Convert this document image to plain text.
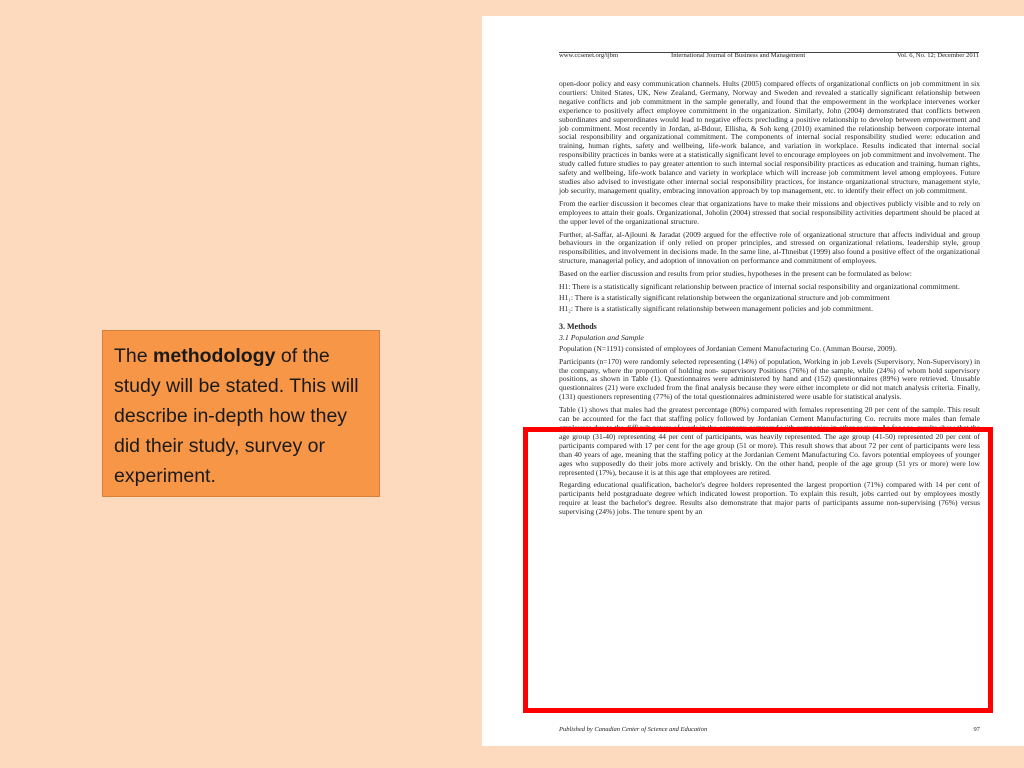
www.ccsenet.org/ijbm	International Journal of Business and Management	Vol. 6, No. 12; December 2011

open-door policy and easy communication channels. Hults (2005) compared effects of organizational conflicts on job commitment in six courtiers: United States, UK, New Zealand, Germany, Norway and Sweden and revealed a statically significant relationship between negative conflicts and job commitment in the sample generally, and found that the empowerment in the workplace intervenes worker experience to positively affect employee commitment in the organization. Similarly, John (2004) demonstrated that conflicts between subordinates and superordinates would lead to negative effects precluding a positive relationship to develop between empowerment and job commitment. Most recently in Jordan, al-Bdour, Ellisha, & Soh keng (2010) examined the relationship between corporate internal social responsibility and organizational commitment. The components of internal social responsibility studied were: education and training, human rights, safety and wellbeing, life-work balance, and variation in workplace. Results indicated that internal social responsibility practices in banks were at a statistically significant level to encourage employees on job commitment and involvement. The study called future studies to pay greater attention to such internal social responsibility practices as education and training, human rights, safety and wellbeing, life-work balance and variety in workplace which will increase job commitment level among employees. Future studies also advised to investigate other internal social responsibility practices, for instance organizational structure, management style, job security, management quality, embracing innovation approach by top management, etc. to identify their effect on job commitment.

From the earlier discussion it becomes clear that organizations have to make their missions and objectives publicly visible and to rely on employees to attain their goals. Organizational, Joholin (2004) stressed that social responsibility activities department should be placed at the upper level of the organizational structure.

Further, al-Saffar, al-Ajlouni & Jaradat (2009 argued for the effective role of organizational structure that affects individual and group behaviours in the organization if only relied on proper principles, and stressed on organizational relations, leadership style, group responsibilities, and involvement in decisions made. In the same line, al-Thneibat (1999) also found a positive effect of the organizational structure, managerial policy, and adoption of innovation on performance and commitment of employees.

Based on the earlier discussion and results from prior studies, hypotheses in the present can be formulated as below:

H1: There is a statistically significant relationship between practice of internal social responsibility and organizational commitment.

H1₁: There is a statistically significant relationship between the organizational structure and job commitment

H1₂: There is a statistically significant relationship between management policies and job commitment.

3. Methods
3.1 Population and Sample

Population (N=1191) consisted of employees of Jordanian Cement Manufacturing Co. (Amman Bourse, 2009).

Participants (n=170) were randomly selected representing (14%) of population, Working in job Levels (Supervisory, Non-Supervisory) in the company, where the proportion of holding non- supervisory Positions (76%) of the sample, while (24%) of whom hold supervisory positions, as shown in Table (1). Questionnaires were administered by hand and (152) questionnaires (89%) were retrieved. Unusable questionnaires (21) were excluded from the final analysis because they were either incomplete or did not match analysis criteria. Finally, (131) questioners representing (77%) of the total questionnaires administered were usable for statistical analysis.

Table (1) shows that males had the greatest percentage (80%) compared with females representing 20 per cent of the sample. This result can be accounted for the fact that staffing policy followed by Jordanian Cement Manufacturing Co. recruits more males than female employees due to the difficult nature of work in the company compared with companies in other sectors. As for age, results show that the age group (31-40) representing 44 per cent of participants, was heavily represented. The age group (41-50) represented 20 per cent of participants compared with 17 per cent for the age group (51 or more). This result shows that about 72 per cent of participants were less than 40 years of age, meaning that the staffing policy at the Jordanian Cement Manufacturing Co. favors potential employees of younger ages who supposedly do their jobs more actively and briskly. On the other hand, people of the age group (51 yrs or more) were low represented (17%), because it is at this age that employees are retired.

Regarding educational qualification, bachelor's degree holders represented the largest proportion (71%) compared with 14 per cent of participants held postgraduate degree which indicated lowest proportion. To explain this result, jobs carried out by employees mostly require at least the bachelor's degree. Results also demonstrate that major parts of participants assume non-supervising (76%) versus supervising (24%) jobs. The tenure spent by an

Published by Canadian Center of Science and Education	97
The methodology of the study will be stated. This will describe in-depth how they did their study, survey or experiment.
